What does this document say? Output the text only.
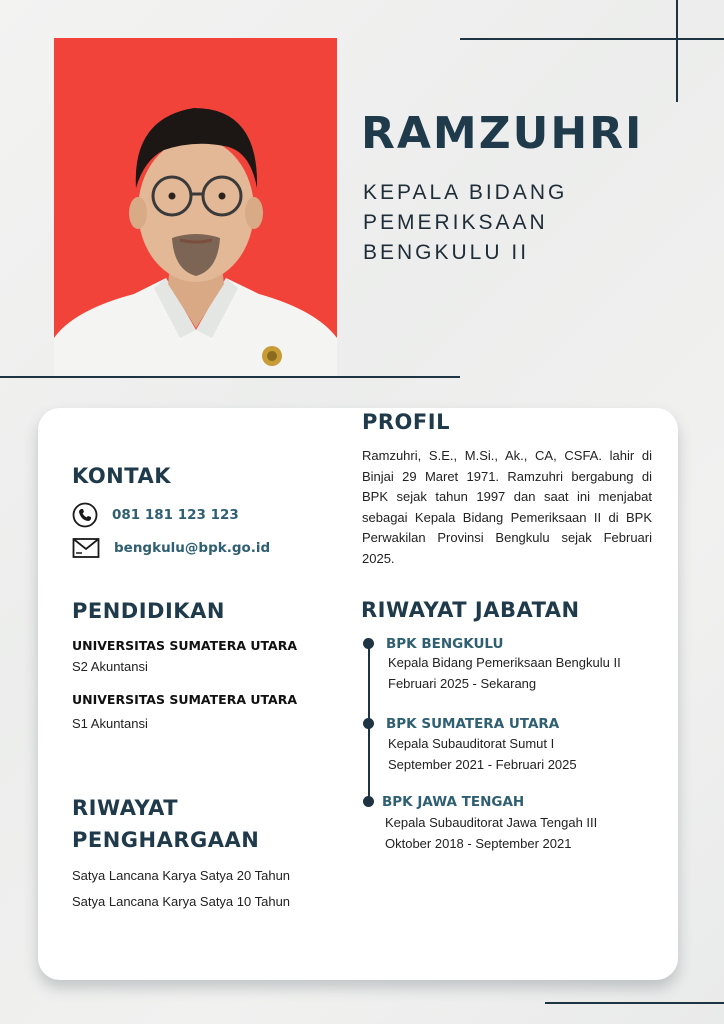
RAMZUHRI

KEPALA BIDANG PEMERIKSAAN BENGKULU II

PROFIL

Ramzuhri, S.E., M.Si., Ak., CA, CSFA. lahir di Binjai 29 Maret 1971. Ramzuhri bergabung di BPK sejak tahun 1997 dan saat ini menjabat sebagai Kepala Bidang Pemeriksaan II di BPK Perwakilan Provinsi Bengkulu sejak Februari 2025.

KONTAK
081 181 123 123
bengkulu@bpk.go.id
PENDIDIKAN

UNIVERSITAS SUMATERA UTARA

S2 Akuntansi

UNIVERSITAS SUMATERA UTARA

S1 Akuntansi

RIWAYAT
PENGHARGAAN

Satya Lancana Karya Satya 20 Tahun

Satya Lancana Karya Satya 10 Tahun

RIWAYAT JABATAN

BPK BENGKULU

Kepala Bidang Pemeriksaan Bengkulu II

Februari 2025 - Sekarang

BPK SUMATERA UTARA

Kepala Subauditorat Sumut I

September 2021 - Februari 2025

BPK JAWA TENGAH

Kepala Subauditorat Jawa Tengah III

Oktober 2018 - September 2021
